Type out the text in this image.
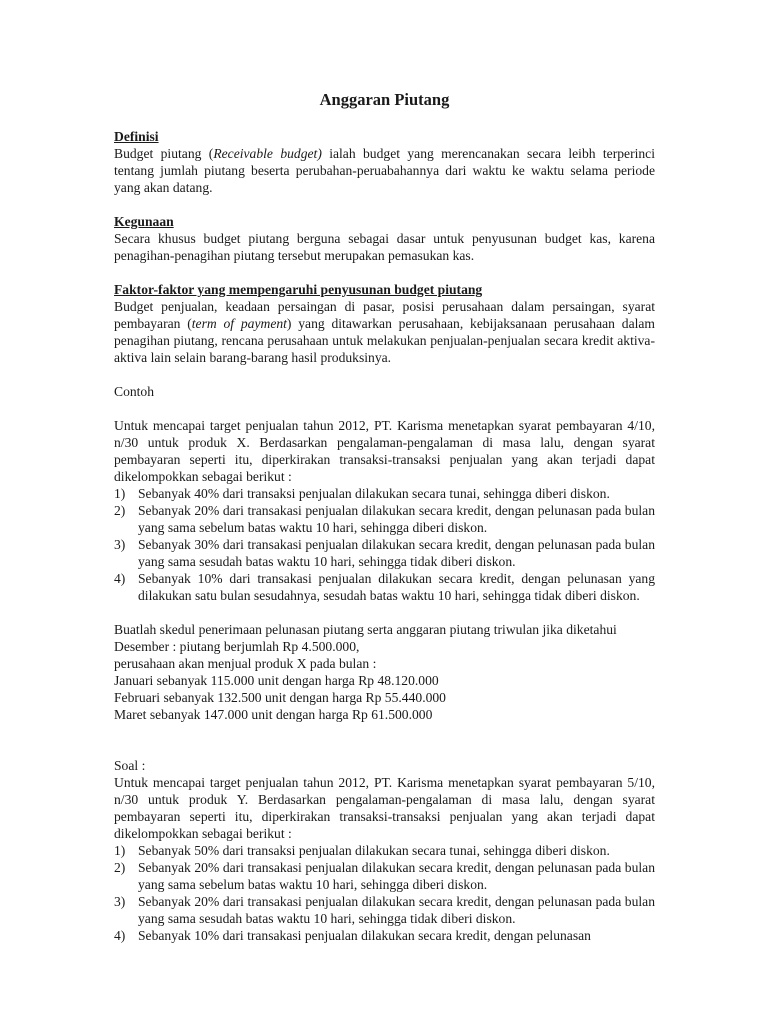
Anggaran Piutang

Definisi

Budget piutang (Receivable budget) ialah budget yang merencanakan secara leibh terperinci tentang jumlah piutang beserta perubahan-peruabahannya dari waktu ke waktu selama periode yang akan datang.

Kegunaan

Secara khusus budget piutang berguna sebagai dasar untuk penyusunan budget kas, karena penagihan-penagihan piutang tersebut merupakan pemasukan kas.

Faktor-faktor yang mempengaruhi penyusunan budget piutang

Budget penjualan, keadaan persaingan di pasar, posisi perusahaan dalam persaingan, syarat pembayaran (term of payment) yang ditawarkan perusahaan, kebijaksanaan perusahaan dalam penagihan piutang, rencana perusahaan untuk melakukan penjualan-penjualan secara kredit aktiva-aktiva lain selain barang-barang hasil produksinya.

Contoh

Untuk mencapai target penjualan tahun 2012, PT. Karisma menetapkan syarat pembayaran 4/10, n/30 untuk produk X. Berdasarkan pengalaman-pengalaman di masa lalu, dengan syarat pembayaran seperti itu, diperkirakan transaksi-transaksi penjualan yang akan terjadi dapat dikelompokkan sebagai berikut :

1) Sebanyak 40% dari transaksi penjualan dilakukan secara tunai, sehingga diberi diskon.
2) Sebanyak 20% dari transakasi penjualan dilakukan secara kredit, dengan pelunasan pada bulan yang sama sebelum batas waktu 10 hari, sehingga diberi diskon.
3) Sebanyak 30% dari transakasi penjualan dilakukan secara kredit, dengan pelunasan pada bulan yang sama sesudah batas waktu 10 hari, sehingga tidak diberi diskon.
4) Sebanyak 10% dari transakasi penjualan dilakukan secara kredit, dengan pelunasan yang dilakukan satu bulan sesudahnya, sesudah batas waktu 10 hari, sehingga tidak diberi diskon.

Buatlah skedul penerimaan pelunasan piutang serta anggaran piutang triwulan jika diketahui

Desember : piutang berjumlah Rp 4.500.000,

perusahaan akan menjual produk X pada bulan :

Januari sebanyak 115.000 unit dengan harga Rp 48.120.000

Februari sebanyak 132.500 unit dengan harga Rp 55.440.000

Maret sebanyak 147.000 unit dengan harga Rp 61.500.000

Soal :

Untuk mencapai target penjualan tahun 2012, PT. Karisma menetapkan syarat pembayaran 5/10, n/30 untuk produk Y. Berdasarkan pengalaman-pengalaman di masa lalu, dengan syarat pembayaran seperti itu, diperkirakan transaksi-transaksi penjualan yang akan terjadi dapat dikelompokkan sebagai berikut :

1) Sebanyak 50% dari transaksi penjualan dilakukan secara tunai, sehingga diberi diskon.
2) Sebanyak 20% dari transakasi penjualan dilakukan secara kredit, dengan pelunasan pada bulan yang sama sebelum batas waktu 10 hari, sehingga diberi diskon.
3) Sebanyak 20% dari transakasi penjualan dilakukan secara kredit, dengan pelunasan pada bulan yang sama sesudah batas waktu 10 hari, sehingga tidak diberi diskon.
4) Sebanyak 10% dari transakasi penjualan dilakukan secara kredit, dengan pelunasan
